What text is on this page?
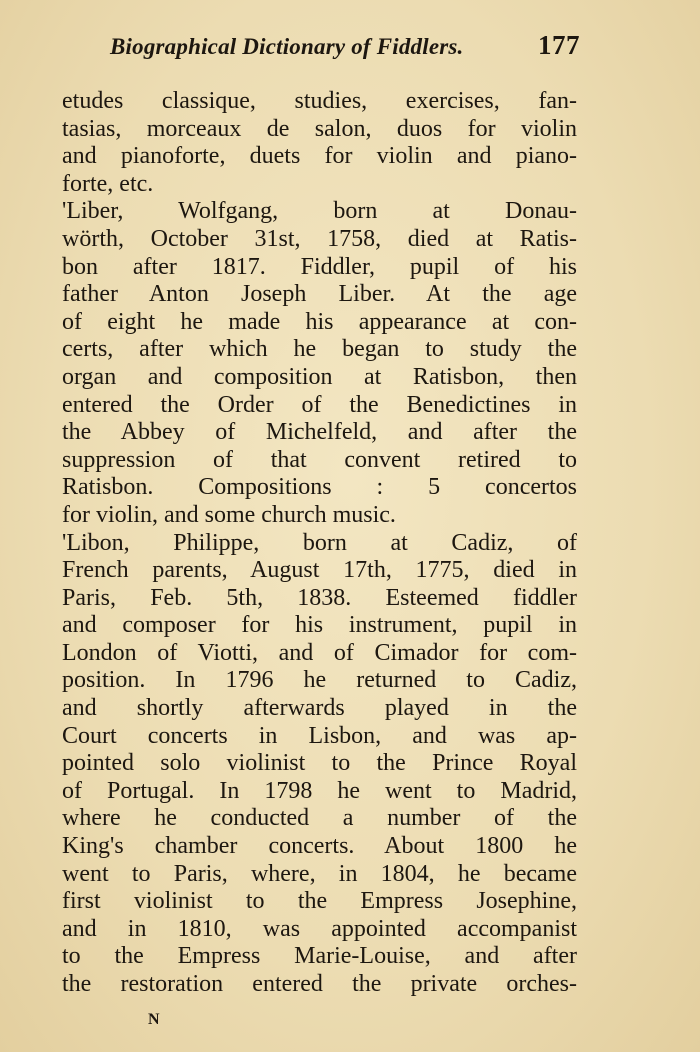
Biographical Dictionary of Fiddlers.	177
etudes classique, studies, exercises, fan-
tasias, morceaux de salon, duos for violin
and pianoforte, duets for violin and piano-
forte, etc.
'Liber, Wolfgang, born at Donau-
wörth, October 31st, 1758, died at Ratis-
bon after 1817. Fiddler, pupil of his
father Anton Joseph Liber. At the age
of eight he made his appearance at con-
certs, after which he began to study the
organ and composition at Ratisbon, then
entered the Order of the Benedictines in
the Abbey of Michelfeld, and after the
suppression of that convent retired to
Ratisbon. Compositions : 5 concertos
for violin, and some church music.
'Libon, Philippe, born at Cadiz, of
French parents, August 17th, 1775, died in
Paris, Feb. 5th, 1838. Esteemed fiddler
and composer for his instrument, pupil in
London of Viotti, and of Cimador for com-
position. In 1796 he returned to Cadiz,
and shortly afterwards played in the
Court concerts in Lisbon, and was ap-
pointed solo violinist to the Prince Royal
of Portugal. In 1798 he went to Madrid,
where he conducted a number of the
King's chamber concerts. About 1800 he
went to Paris, where, in 1804, he became
first violinist to the Empress Josephine,
and in 1810, was appointed accompanist
to the Empress Marie-Louise, and after
the restoration entered the private orches-
N
